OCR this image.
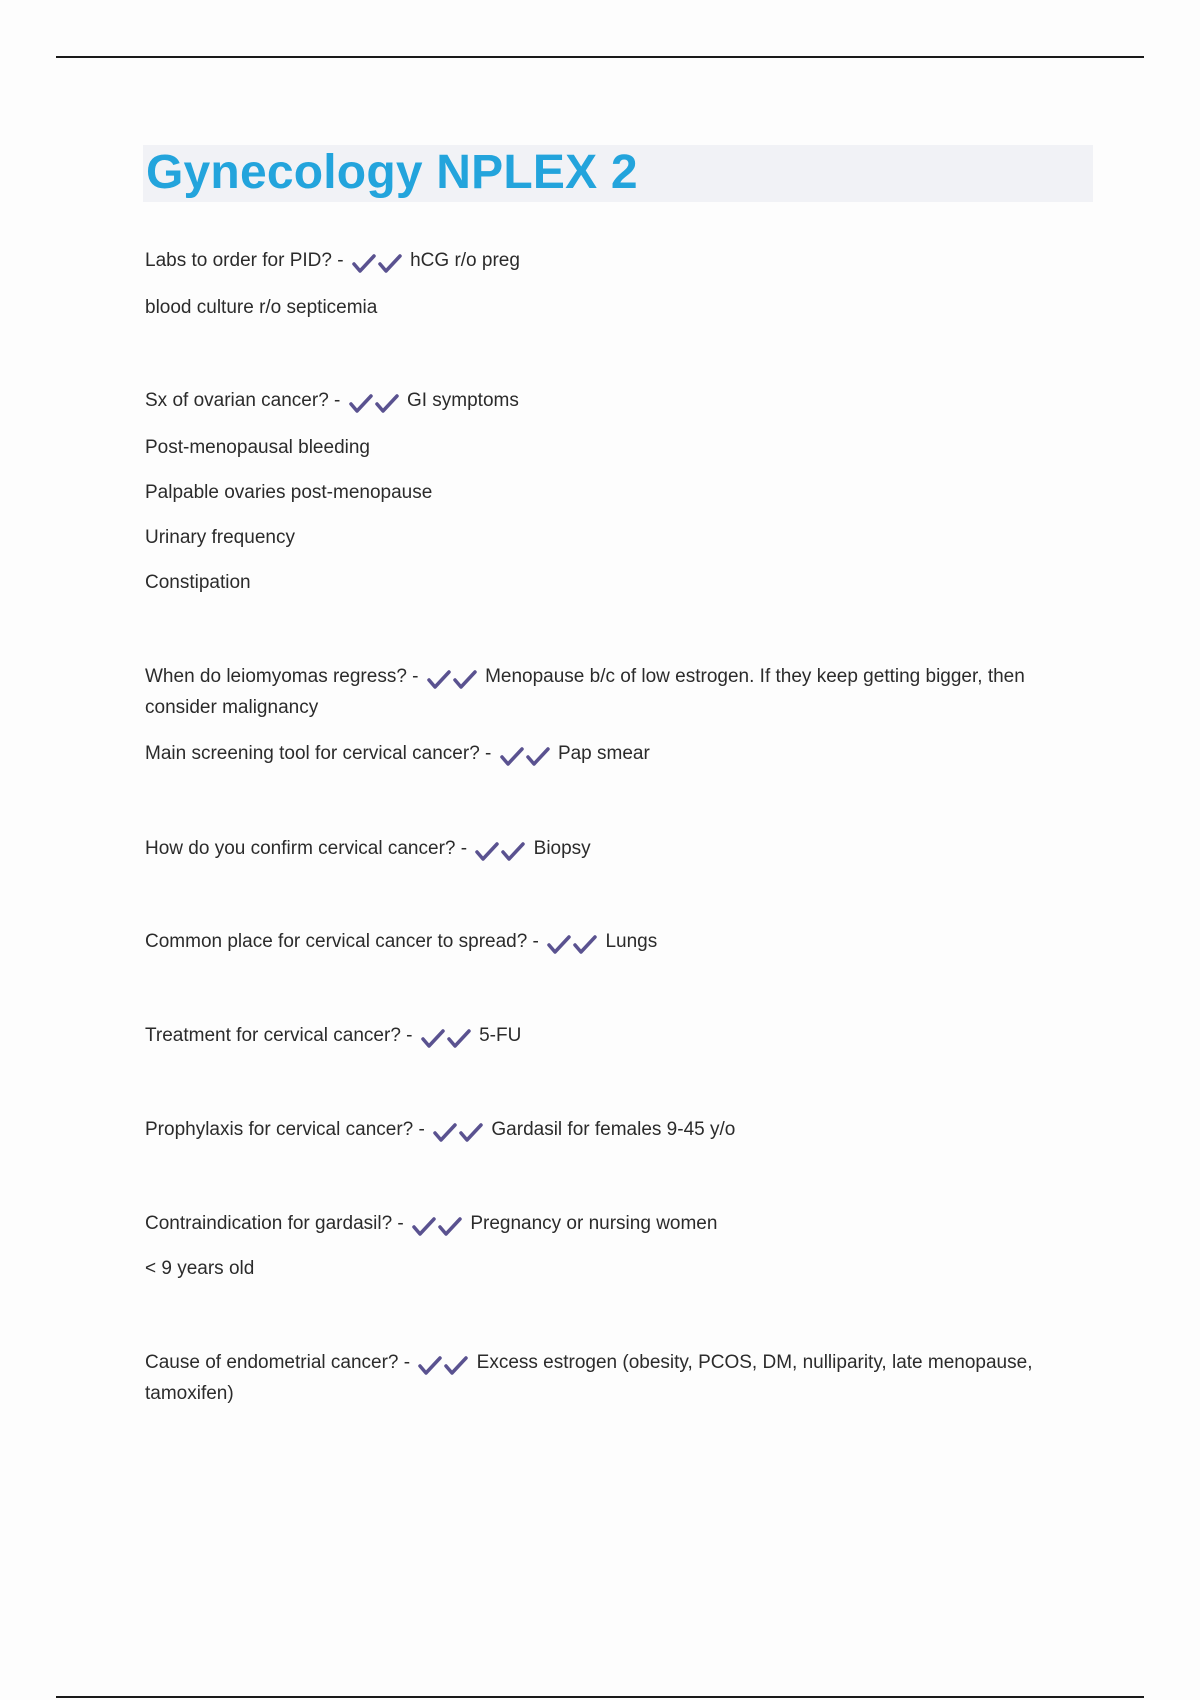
Gynecology NPLEX 2
Labs to order for PID? -	hCG r/o preg
blood culture r/o septicemia
Sx of ovarian cancer? -	GI symptoms
Post-menopausal bleeding
Palpable ovaries post-menopause
Urinary frequency
Constipation
When do leiomyomas regress? -	Menopause b/c of low estrogen. If they keep getting bigger, then consider malignancy
Main screening tool for cervical cancer? -	Pap smear
How do you confirm cervical cancer? -	Biopsy
Common place for cervical cancer to spread? -	Lungs
Treatment for cervical cancer? -	5-FU
Prophylaxis for cervical cancer? -	Gardasil for females 9-45 y/o
Contraindication for gardasil? -	Pregnancy or nursing women
< 9 years old
Cause of endometrial cancer? -	Excess estrogen (obesity, PCOS, DM, nulliparity, late menopause, tamoxifen)
